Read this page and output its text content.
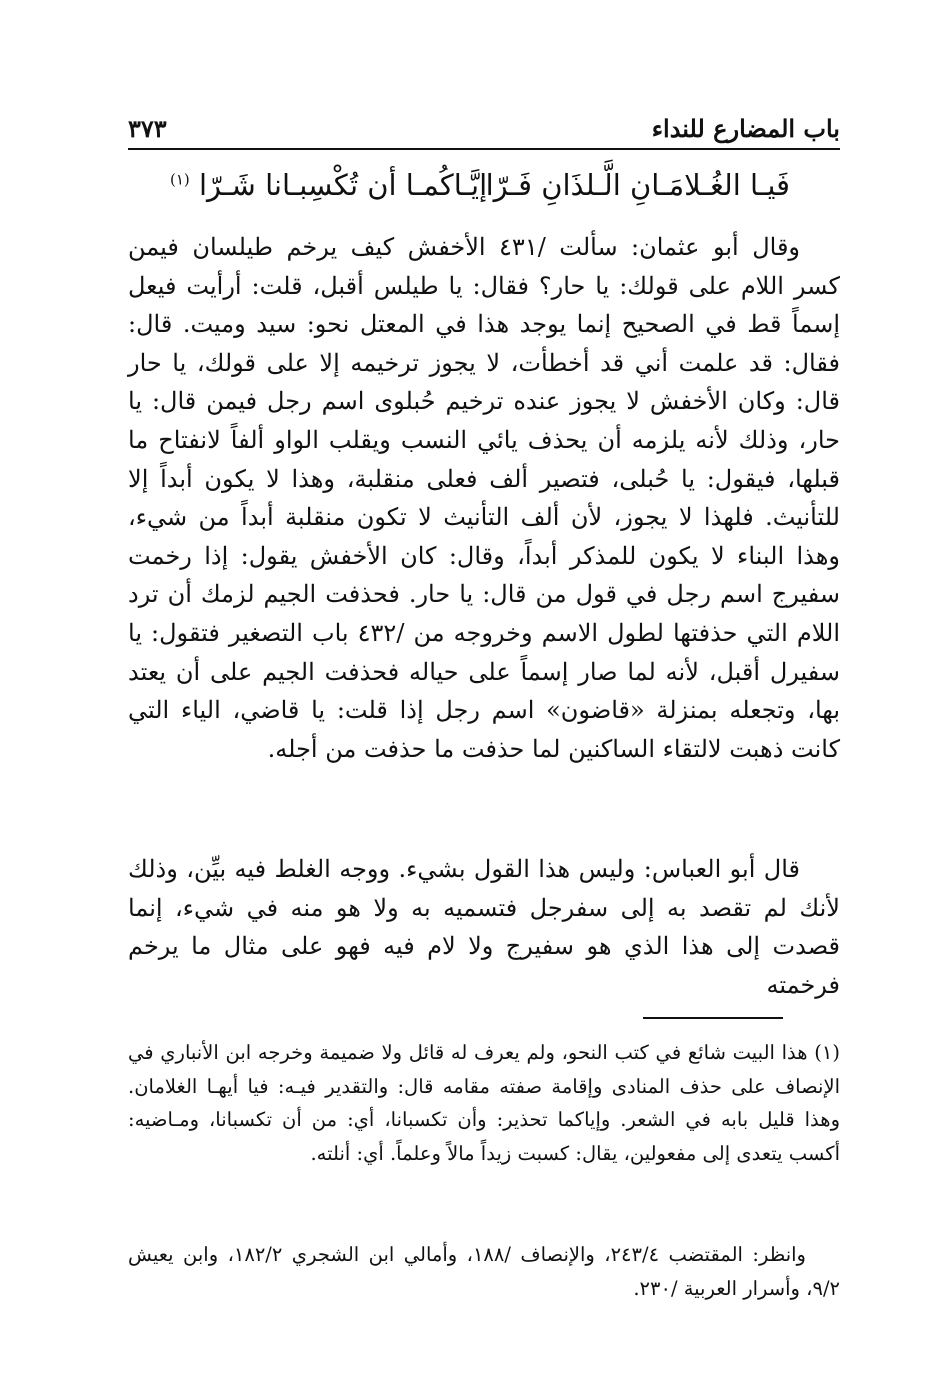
باب المضارع للنداء
٣٧٣
فَيـا الغُـلامَـانِ الَّـلذَانِ فَـرّا
إيَّـاكُمـا أن تُكْسِبـانا شَـرّا $^{(١)}$

وقال أبو عثمان: سألت /٤٣١ الأخفش كيف يرخم طيلسان فيمن كسر اللام على قولك: يا حار؟ فقال: يا طيلس أقبل، قلت: أرأيت فيعل إسماً قط في الصحيح إنما يوجد هذا في المعتل نحو: سيد وميت. قال: فقال: قد علمت أني قد أخطأت، لا يجوز ترخيمه إلا على قولك، يا حار قال: وكان الأخفش لا يجوز عنده ترخيم حُبلوى اسم رجل فيمن قال: يا حار، وذلك لأنه يلزمه أن يحذف يائي النسب ويقلب الواو ألفاً لانفتاح ما قبلها، فيقول: يا حُبلى، فتصير ألف فعلى منقلبة، وهذا لا يكون أبداً إلا للتأنيث. فلهذا لا يجوز، لأن ألف التأنيث لا تكون منقلبة أبداً من شيء، وهذا البناء لا يكون للمذكر أبداً، وقال: كان الأخفش يقول: إذا رخمت سفيرج اسم رجل في قول من قال: يا حار. فحذفت الجيم لزمك أن ترد اللام التي حذفتها لطول الاسم وخروجه من /٤٣٢ باب التصغير فتقول: يا سفيرل أقبل، لأنه لما صار إسماً على حياله فحذفت الجيم على أن يعتد بها، وتجعله بمنزلة «قاضون» اسم رجل إذا قلت: يا قاضي، الياء التي كانت ذهبت لالتقاء الساكنين لما حذفت ما حذفت من أجله.

قال أبو العباس: وليس هذا القول بشيء. ووجه الغلط فيه بيِّن، وذلك لأنك لم تقصد به إلى سفرجل فتسميه به ولا هو منه في شيء، إنما قصدت إلى هذا الذي هو سفيرج ولا لام فيه فهو على مثال ما يرخم فرخمته

(١) هذا البيت شائع في كتب النحو، ولم يعرف له قائل ولا ضميمة وخرجه ابن الأنباري في الإنصاف على حذف المنادى وإقامة صفته مقامه قال: والتقدير فيـه: فيا أيهـا الغلامان. وهذا قليل بابه في الشعر. وإياكما تحذير: وأن تكسبانا، أي: من أن تكسبانا، ومـاضيه: أكسب يتعدى إلى مفعولين، يقال: كسبت زيداً مالاً وعلماً. أي: أنلته.

وانظر: المقتضب ٢٤٣/٤، والإنصاف /١٨٨، وأمالي ابن الشجري ١٨٢/٢، وابن يعيش ٩/٢، وأسرار العربية /٢٣٠.
